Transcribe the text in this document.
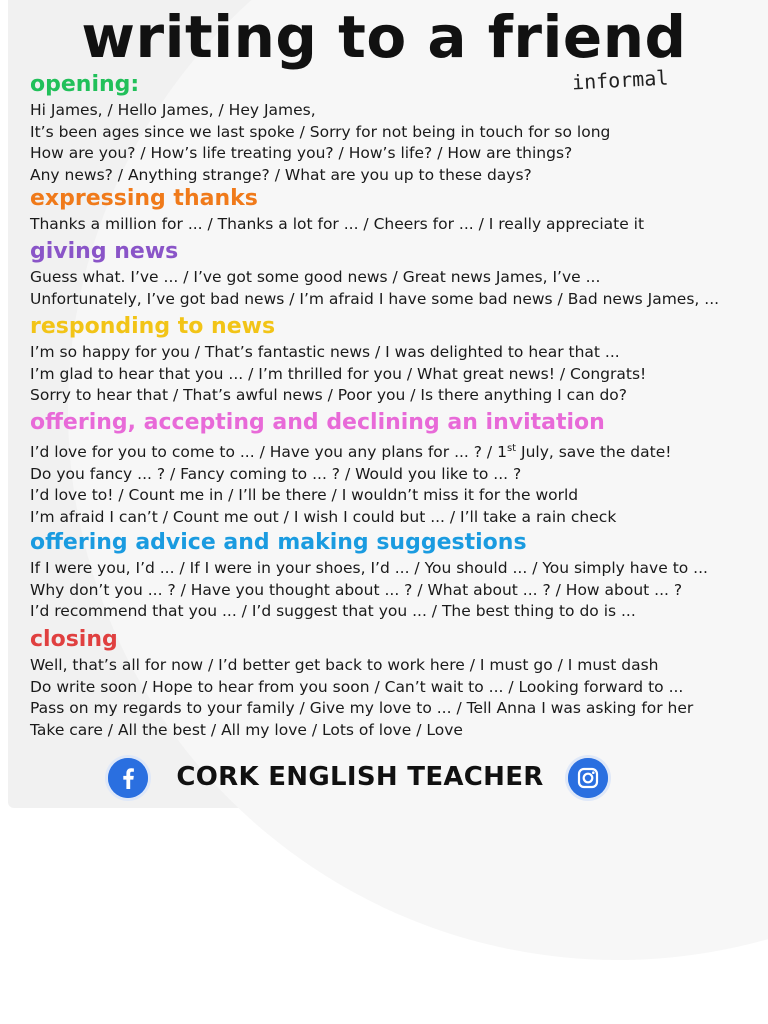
writing to a friend
informal
opening:
Hi James, / Hello James, / Hey James,
It’s been ages since we last spoke / Sorry for not being in touch for so long
How are you? / How’s life treating you? / How’s life? / How are things?
Any news? / Anything strange? / What are you up to these days?
expressing thanks
Thanks a million for ... / Thanks a lot for ... / Cheers for ... / I really appreciate it
giving news
Guess what. I’ve ... / I’ve got some good news / Great news James, I’ve ...
Unfortunately, I’ve got bad news / I’m afraid I have some bad news / Bad news James, ...
responding to news
I’m so happy for you / That’s fantastic news / I was delighted to hear that ...
I’m glad to hear that you ... / I’m thrilled for you / What great news! / Congrats!
Sorry to hear that / That’s awful news / Poor you / Is there anything I can do?
offering, accepting and declining an invitation
I’d love for you to come to ... / Have you any plans for ... ? / 1st July, save the date!
Do you fancy ... ? / Fancy coming to ... ? / Would you like to ... ?
I’d love to! / Count me in / I’ll be there / I wouldn’t miss it for the world
I’m afraid I can’t / Count me out / I wish I could but ... / I’ll take a rain check
offering advice and making suggestions
If I were you, I’d ... / If I were in your shoes, I’d ... / You should ... / You simply have to ...
Why don’t you ... ? / Have you thought about ... ? / What about ... ? / How about ... ?
I’d recommend that you ... / I’d suggest that you ... / The best thing to do is ...
closing
Well, that’s all for now / I’d better get back to work here / I must go / I must dash
Do write soon / Hope to hear from you soon / Can’t wait to ... / Looking forward to ...
Pass on my regards to your family / Give my love to ... / Tell Anna I was asking for her
Take care / All the best / All my love / Lots of love / Love
CORK ENGLISH TEACHER
